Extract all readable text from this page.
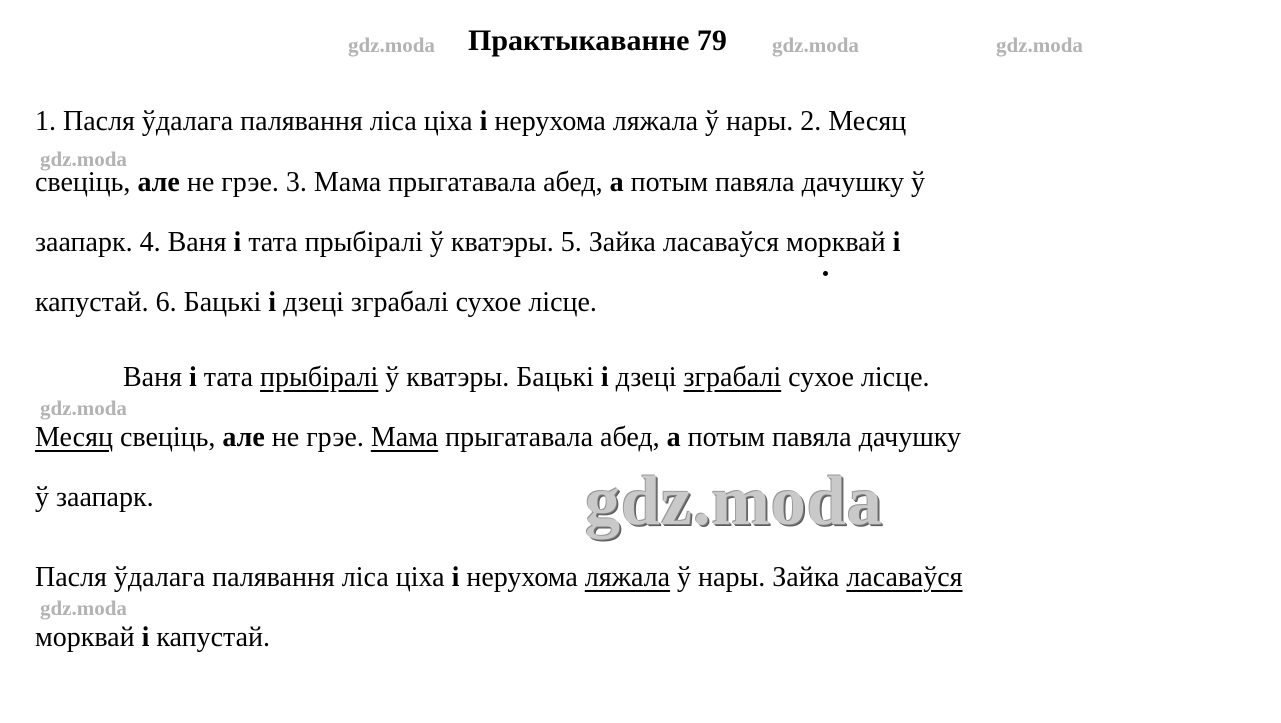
gdz.moda Практыкаванне 79 gdz.moda	gdz.moda
1. Пасля ўдалага палявання ліса ціха і нерухома ляжала ў нары. 2. Месяц
свеціць, але не грэе. 3. Мама прыгатавала абед, а потым павяла дачушку ў
заапарк. 4. Ваня і тата прыбіралі ў кватэры. 5. Зайка ласаваўся морквай і
капустай. 6. Бацькі і дзеці зграбалі сухое лісце.
Ваня і тата прыбіралі ў кватэры. Бацькі і дзеці зграбалі сухое лісце.
Месяц свеціць, але не грэе. Мама прыгатавала абед, а потым павяла дачушку
ў заапарк.
Пасля ўдалага палявання ліса ціха і нерухома ляжала ў нары. Зайка ласаваўся
морквай і капустай.
gdz.moda
gdz.moda
gdz.moda
gdz.moda
